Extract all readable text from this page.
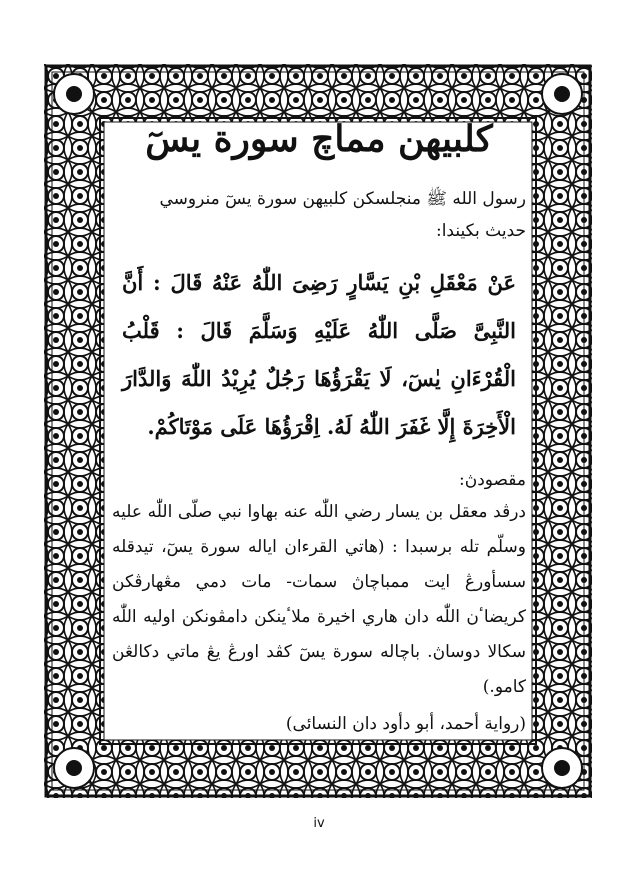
كلبيهن مماچ سورة يسٓ

رسول الله ﷺ منجلسكن كلبيهن سورة يسٓ منروسي

حديث بكيندا:

عَنْ مَعْقَلِ بْنِ يَسَّارٍ رَضِىَ اللّٰهُ عَنْهُ قَالَ : أَنَّ النَّبِىَّ صَلَّى اللّٰهُ عَلَيْهِ وَسَلَّمَ قَالَ : قَلْبُ الْقُرْءَانِ يٰسٓ، لَا يَقْرَؤُهَا رَجُلٌ يُرِيْدُ اللّٰهَ وَالدَّارَ الْأَخِرَةَ إِلَّا غَفَرَ اللّٰهُ لَهُ. اِقْرَؤُهَا عَلَى مَوْتَاكُمْ.

مقصودڽ:

درڤد معقل بن يسار رضي اللّٰه عنه بهاوا نبي صلّى اللّٰه عليه وسلّم تله برسبدا : (هاتي القرءان اياله سورة يسٓ، تيدقله سسأورڠ ايت ممباچاڽ سمات- مات دمي مڠهارڤكن كريضاٴن اللّٰه دان هاري اخيرة ملاٴينكن دامڤونكن اوليه اللّٰه سكالا دوساڽ. باچاله سورة يسٓ كڤد اورڠ يڠ ماتي دكالڠن كامو.)

(رواية أحمد، أبو دأود دان النسائى)

iv
